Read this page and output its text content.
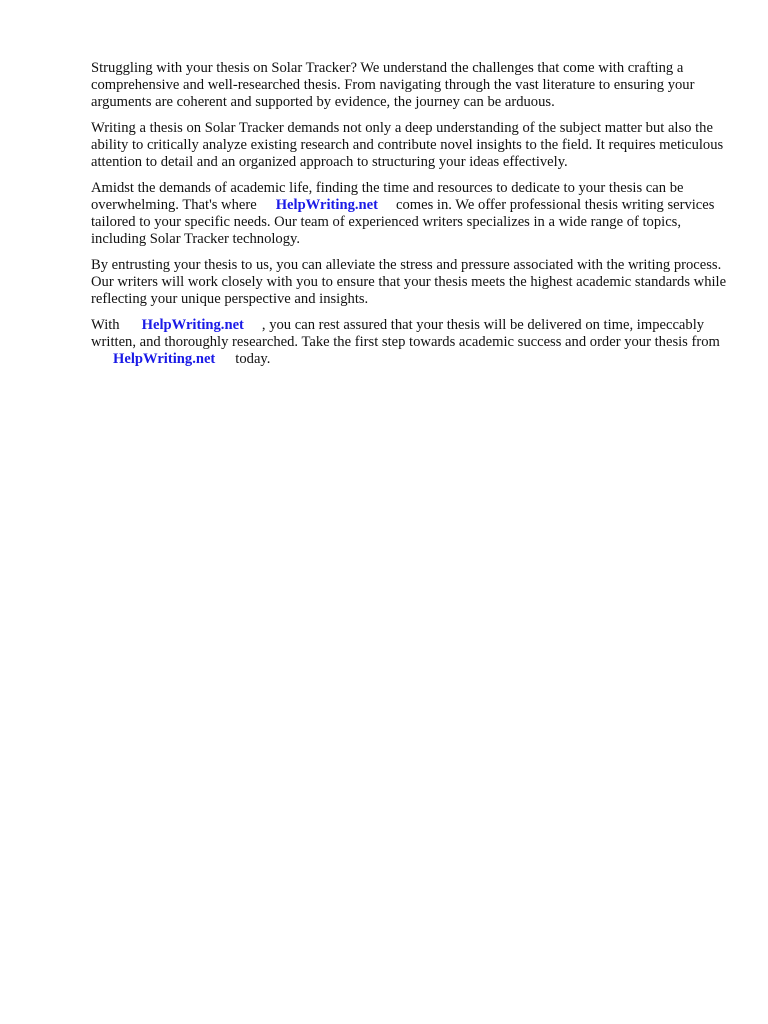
Struggling with your thesis on Solar Tracker? We understand the challenges that come with crafting a comprehensive and well-researched thesis. From navigating through the vast literature to ensuring your arguments are coherent and supported by evidence, the journey can be arduous.

Writing a thesis on Solar Tracker demands not only a deep understanding of the subject matter but also the ability to critically analyze existing research and contribute novel insights to the field. It requires meticulous attention to detail and an organized approach to structuring your ideas effectively.

Amidst the demands of academic life, finding the time and resources to dedicate to your thesis can be overwhelming. That's where HelpWriting.net comes in. We offer professional thesis writing services tailored to your specific needs. Our team of experienced writers specializes in a wide range of topics, including Solar Tracker technology.

By entrusting your thesis to us, you can alleviate the stress and pressure associated with the writing process. Our writers will work closely with you to ensure that your thesis meets the highest academic standards while reflecting your unique perspective and insights.

With HelpWriting.net , you can rest assured that your thesis will be delivered on time, impeccably written, and thoroughly researched. Take the first step towards academic success and order your thesis fromHelpWriting.net today.
